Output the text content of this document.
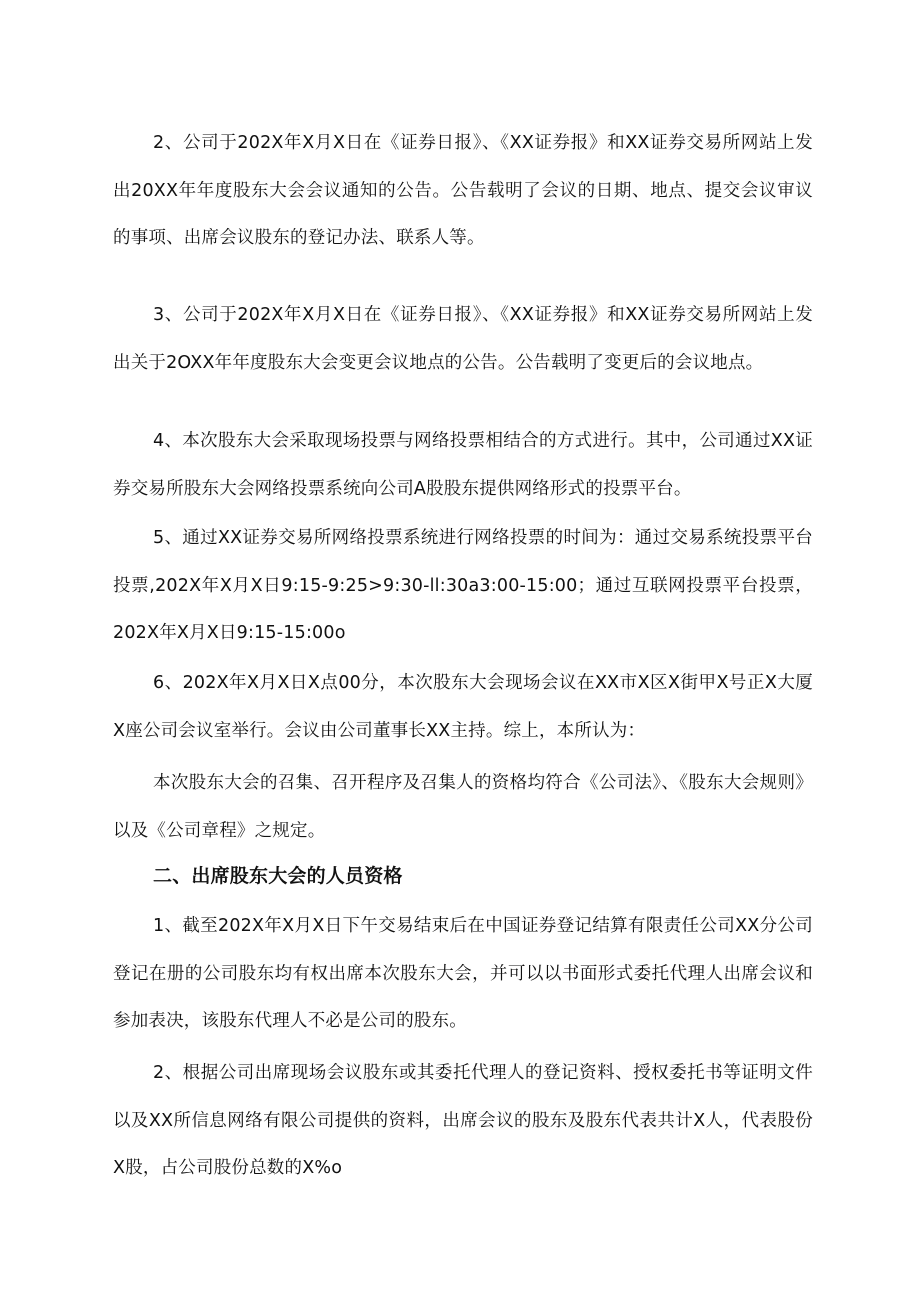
2、公司于202X年X月X日在《证券日报》、《XX证券报》和XX证券交易所网站上发出20XX年年度股东大会会议通知的公告。公告载明了会议的日期、地点、提交会议审议的事项、出席会议股东的登记办法、联系人等。

3、公司于202X年X月X日在《证券日报》、《XX证券报》和XX证券交易所网站上发出关于2OXX年年度股东大会变更会议地点的公告。公告载明了变更后的会议地点。

4、本次股东大会采取现场投票与网络投票相结合的方式进行。其中，公司通过XX证券交易所股东大会网络投票系统向公司A股股东提供网络形式的投票平台。

5、通过XX证券交易所网络投票系统进行网络投票的时间为：通过交易系统投票平台投票,202X年X月X日9:15-9:25>9:30-ll:30a3:00-15:00；通过互联网投票平台投票，202X年X月X日9:15-15:00o

6、202X年X月X日X点00分，本次股东大会现场会议在XX市X区X街甲X号正X大厦X座公司会议室举行。会议由公司董事长XX主持。综上，本所认为：

本次股东大会的召集、召开程序及召集人的资格均符合《公司法》、《股东大会规则》以及《公司章程》之规定。

二、出席股东大会的人员资格

1、截至202X年X月X日下午交易结束后在中国证券登记结算有限责任公司XX分公司登记在册的公司股东均有权出席本次股东大会，并可以以书面形式委托代理人出席会议和参加表决，该股东代理人不必是公司的股东。

2、根据公司出席现场会议股东或其委托代理人的登记资料、授权委托书等证明文件以及XX所信息网络有限公司提供的资料，出席会议的股东及股东代表共计X人，代表股份X股，占公司股份总数的X%o
